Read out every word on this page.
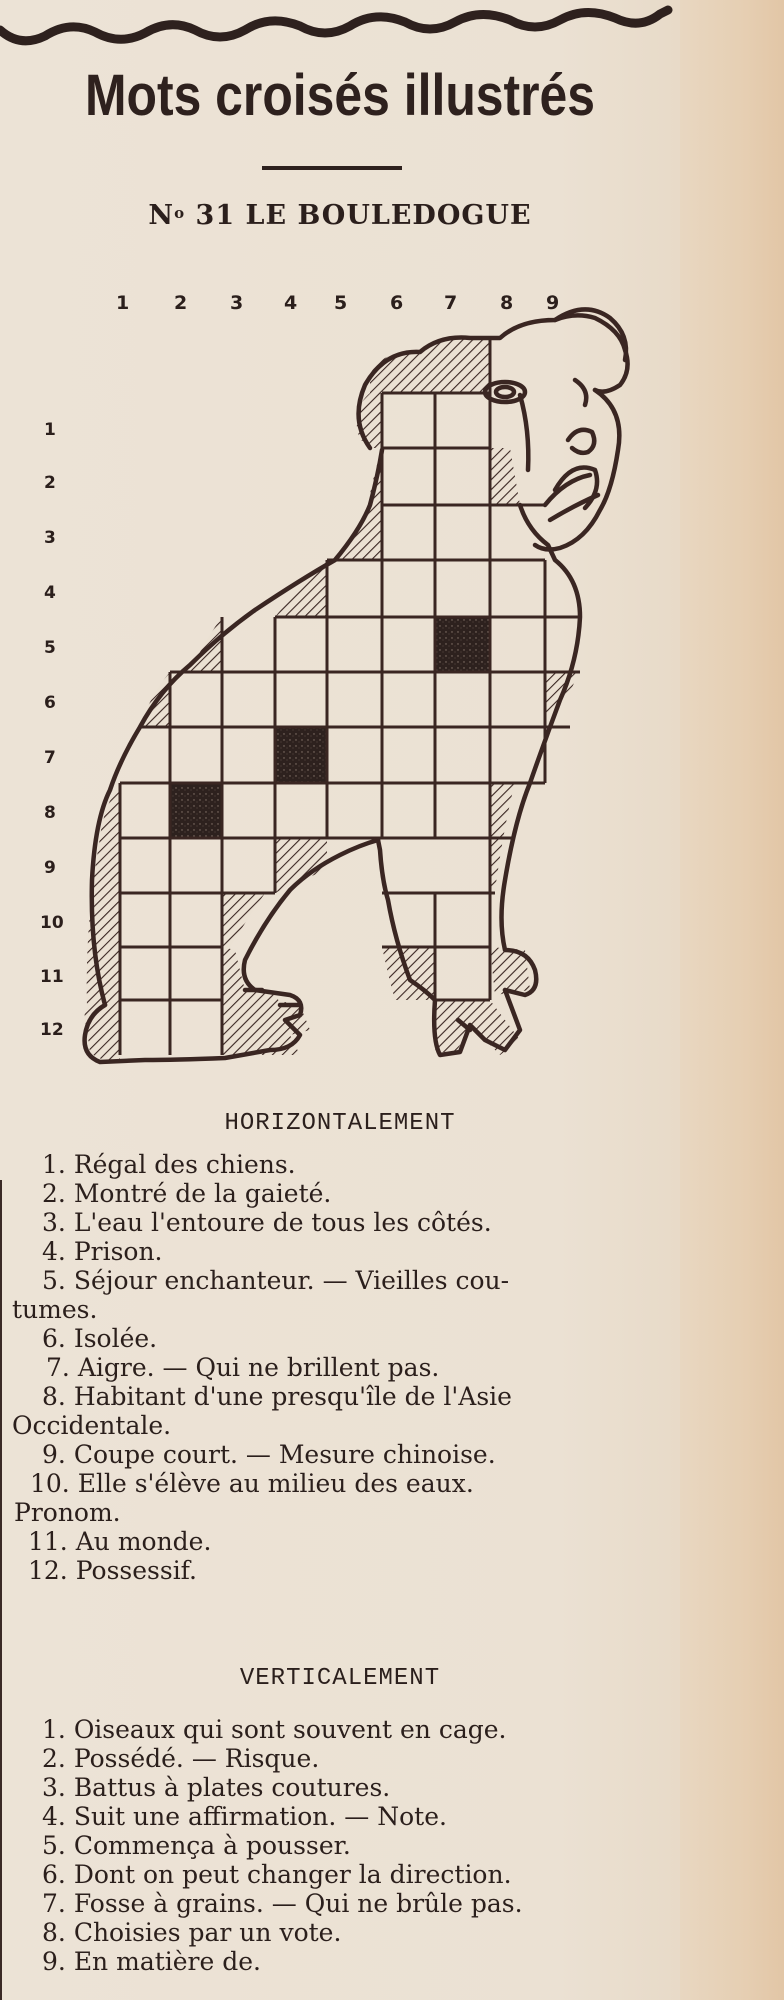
Mots croisés illustrés
$N^o$ 31 LE BOULEDOGUE
1 2 3 4 5 6 7 8 9
1
2
3
4
5
6
7
8
9
10
11
12
HORIZONTALEMENT
1. Régal des chiens.
2. Montré de la gaieté.
3. L'eau l'entoure de tous les côtés.
4. Prison.
5. Séjour enchanteur. — Vieilles cou-
tumes.
6. Isolée.
7. Aigre. — Qui ne brillent pas.
8. Habitant d'une presqu'île de l'Asie
Occidentale.
9. Coupe court. — Mesure chinoise.
10. Elle s'élève au milieu des eaux.
Pronom.
11. Au monde.
12. Possessif.
VERTICALEMENT
1. Oiseaux qui sont souvent en cage.
2. Possédé. — Risque.
3. Battus à plates coutures.
4. Suit une affirmation. — Note.
5. Commença à pousser.
6. Dont on peut changer la direction.
7. Fosse à grains. — Qui ne brûle pas.
8. Choisies par un vote.
9. En matière de.
